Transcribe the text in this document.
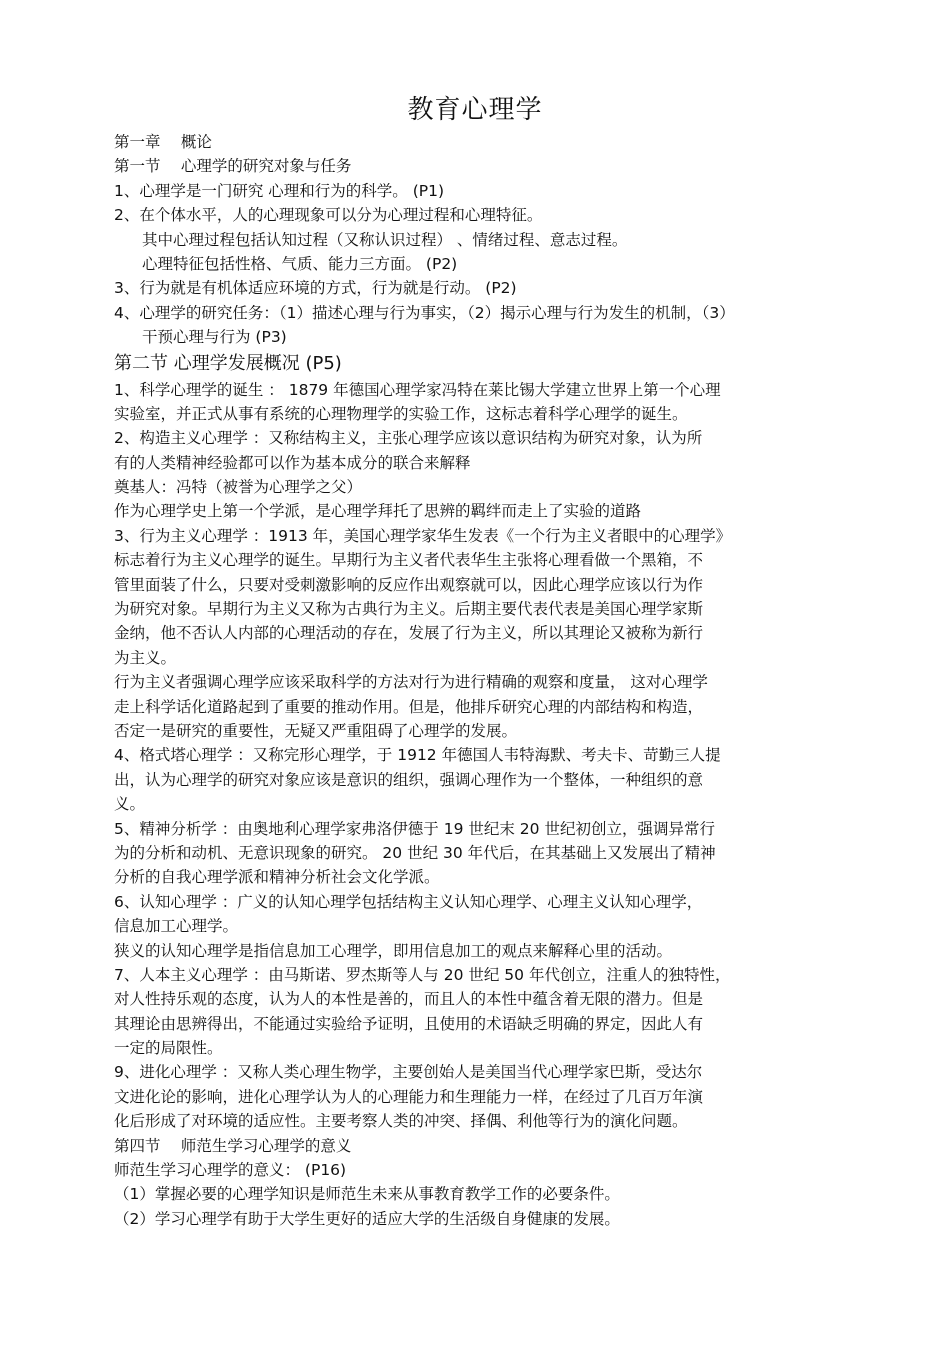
教育心理学
第一章　 概论
第一节　 心理学的研究对象与任务
1、心理学是一门研究 心理和行为的科学。 (P1)
2、在个体水平，人的心理现象可以分为心理过程和心理特征。
其中心理过程包括认知过程（又称认识过程） 、情绪过程、意志过程。
心理特征包括性格、气质、能力三方面。 (P2)
3、行为就是有机体适应环境的方式，行为就是行动。 (P2)
4、心理学的研究任务：（1）描述心理与行为事实，（2）揭示心理与行为发生的机制，（3）
干预心理与行为 (P3)
第二节 心理学发展概况 (P5)
1、科学心理学的诞生 ： 1879 年德国心理学家冯特在莱比锡大学建立世界上第一个心理
实验室，并正式从事有系统的心理物理学的实验工作，这标志着科学心理学的诞生。
2、构造主义心理学 ：又称结构主义，主张心理学应该以意识结构为研究对象，认为所
有的人类精神经验都可以作为基本成分的联合来解释
奠基人：冯特（被誉为心理学之父）
作为心理学史上第一个学派，是心理学拜托了思辨的羁绊而走上了实验的道路
3、行为主义心理学 ：1913 年，美国心理学家华生发表《一个行为主义者眼中的心理学》
标志着行为主义心理学的诞生。早期行为主义者代表华生主张将心理看做一个黑箱，不
管里面装了什么，只要对受刺激影响的反应作出观察就可以，因此心理学应该以行为作
为研究对象。早期行为主义又称为古典行为主义。后期主要代表代表是美国心理学家斯
金纳，他不否认人内部的心理活动的存在，发展了行为主义，所以其理论又被称为新行
为主义。
行为主义者强调心理学应该采取科学的方法对行为进行精确的观察和度量， 这对心理学
走上科学话化道路起到了重要的推动作用。但是，他排斥研究心理的内部结构和构造，
否定一是研究的重要性，无疑又严重阻碍了心理学的发展。
4、格式塔心理学 ：又称完形心理学，于 1912 年德国人韦特海默、考夫卡、苛勤三人提
出，认为心理学的研究对象应该是意识的组织，强调心理作为一个整体，一种组织的意
义。
5、精神分析学 ：由奥地利心理学家弗洛伊德于 19 世纪末 20 世纪初创立，强调异常行
为的分析和动机、无意识现象的研究。 20 世纪 30 年代后，在其基础上又发展出了精神
分析的自我心理学派和精神分析社会文化学派。
6、认知心理学 ：广义的认知心理学包括结构主义认知心理学、心理主义认知心理学，
信息加工心理学。
狭义的认知心理学是指信息加工心理学，即用信息加工的观点来解释心里的活动。
7、人本主义心理学 ：由马斯诺、罗杰斯等人与 20 世纪 50 年代创立，注重人的独特性，
对人性持乐观的态度，认为人的本性是善的，而且人的本性中蕴含着无限的潜力。但是
其理论由思辨得出，不能通过实验给予证明，且使用的术语缺乏明确的界定，因此人有
一定的局限性。
9、进化心理学 ：又称人类心理生物学，主要创始人是美国当代心理学家巴斯，受达尔
文进化论的影响，进化心理学认为人的心理能力和生理能力一样，在经过了几百万年演
化后形成了对环境的适应性。主要考察人类的冲突、择偶、利他等行为的演化问题。
第四节　 师范生学习心理学的意义
师范生学习心理学的意义： (P16)
（1）掌握必要的心理学知识是师范生未来从事教育教学工作的必要条件。
（2）学习心理学有助于大学生更好的适应大学的生活级自身健康的发展。
